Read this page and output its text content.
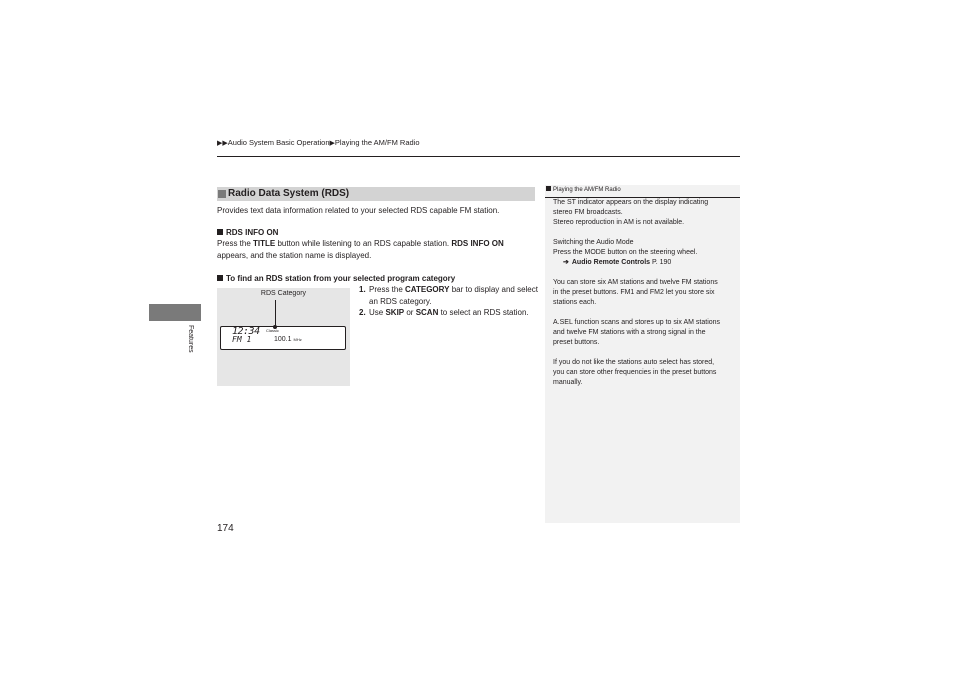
▶▶Audio System Basic Operation▶Playing the AM/FM Radio
Features
Radio Data System (RDS)
Provides text data information related to your selected RDS capable FM station.
RDS INFO ON
Press the TITLE button while listening to an RDS capable station. RDS INFO ON
appears, and the station name is displayed.
To find an RDS station from your selected program category
RDS Category
12:34
FM 1
Classic
100.1 MHz
1. Press the CATEGORY bar to display and select an RDS category.
2. Use SKIP or SCAN to select an RDS station.
Playing the AM/FM Radio
The ST indicator appears on the display indicating
stereo FM broadcasts.
Stereo reproduction in AM is not available.
Switching the Audio Mode
Press the MODE button on the steering wheel.
➔ Audio Remote Controls P. 190
You can store six AM stations and twelve FM stations
in the preset buttons. FM1 and FM2 let you store six
stations each.
A.SEL function scans and stores up to six AM stations
and twelve FM stations with a strong signal in the
preset buttons.
If you do not like the stations auto select has stored,
you can store other frequencies in the preset buttons
manually.
174
